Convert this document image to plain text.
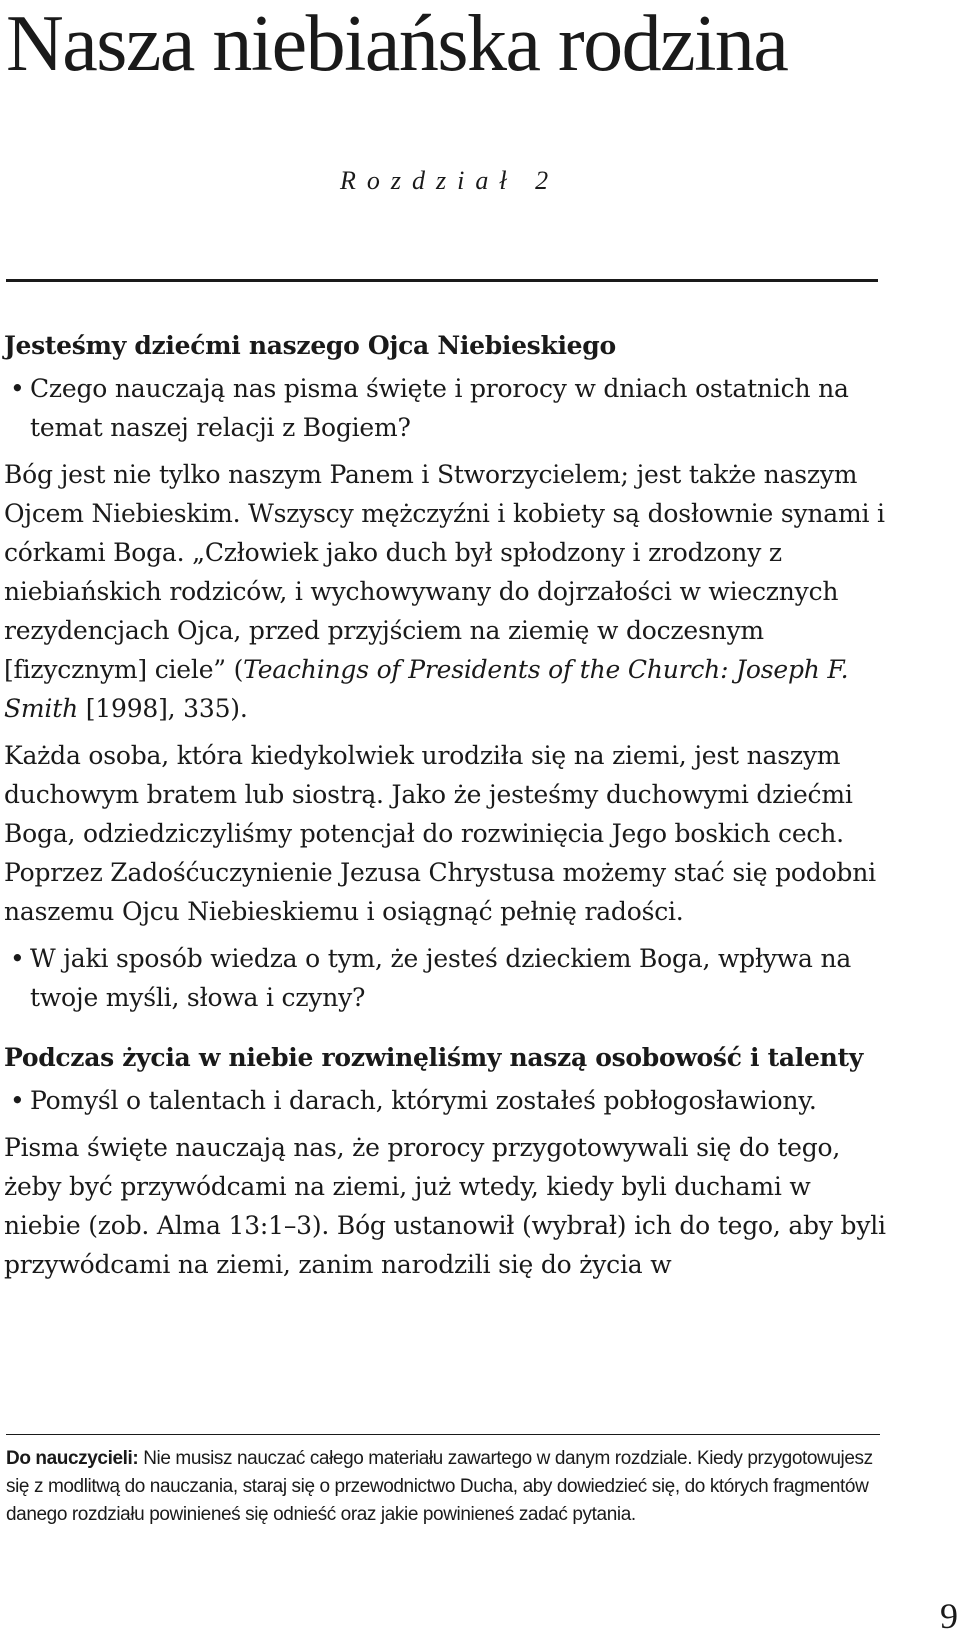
Nasza niebiańska rodzina
Rozdział 2
Jesteśmy dziećmi naszego Ojca Niebieskiego

• Czego nauczają nas pisma święte i prorocy w dniach ostatnich na temat naszej relacji z Bogiem?

Bóg jest nie tylko naszym Panem i Stworzycielem; jest także naszym Ojcem Niebieskim. Wszyscy mężczyźni i kobiety są dosłownie synami i córkami Boga. „Człowiek jako duch był spłodzony i zrodzony z niebiańskich rodziców, i wychowywany do dojrzałości w wiecznych rezydencjach Ojca, przed przyjściem na ziemię w doczesnym [fizycznym] ciele” (Teachings of Presidents of the Church: Joseph F. Smith [1998], 335).

Każda osoba, która kiedykolwiek urodziła się na ziemi, jest naszym duchowym bratem lub siostrą. Jako że jesteśmy duchowymi dziećmi Boga, odziedziczyliśmy potencjał do rozwinięcia Jego boskich cech. Poprzez Zadośćuczynienie Jezusa Chrystusa możemy stać się podobni naszemu Ojcu Niebieskiemu i osiągnąć pełnię radości.

• W jaki sposób wiedza o tym, że jesteś dzieckiem Boga, wpływa na twoje myśli, słowa i czyny?

Podczas życia w niebie rozwinęliśmy naszą osobowość i talenty

• Pomyśl o talentach i darach, którymi zostałeś pobłogosławiony.

Pisma święte nauczają nas, że prorocy przygotowywali się do tego, żeby być przywódcami na ziemi, już wtedy, kiedy byli duchami w niebie (zob. Alma 13:1–3). Bóg ustanowił (wybrał) ich do tego, aby byli przywódcami na ziemi, zanim narodzili się do życia w

Do nauczycieli: Nie musisz nauczać całego materiału zawartego w danym rozdziale. Kiedy przygotowujesz się z modlitwą do nauczania, staraj się o przewodnictwo Ducha, aby dowiedzieć się, do których fragmentów danego rozdziału powinieneś się odnieść oraz jakie powinieneś zadać pytania.
9
